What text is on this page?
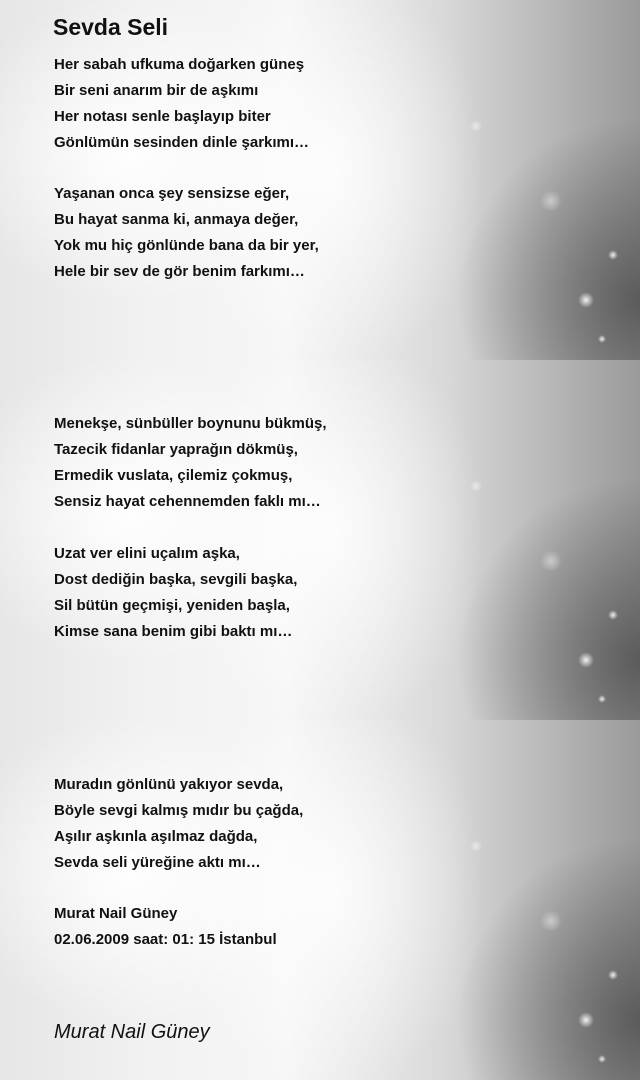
Sevda Seli
Her sabah ufkuma doğarken güneş
Bir seni anarım bir de aşkımı
Her notası senle başlayıp biter
Gönlümün sesinden dinle şarkımı…
Yaşanan onca şey sensizse eğer,
Bu hayat sanma ki, anmaya değer,
Yok mu hiç gönlünde bana da bir yer,
Hele bir sev de gör benim farkımı…
Menekşe, sünbüller boynunu bükmüş,
Tazecik fidanlar yaprağın dökmüş,
Ermedik vuslata, çilemiz çokmuş,
Sensiz hayat cehennemden faklı mı…
Uzat ver elini uçalım aşka,
Dost dediğin başka, sevgili başka,
Sil bütün geçmişi, yeniden başla,
Kimse sana benim gibi baktı mı…
Muradın gönlünü yakıyor sevda,
Böyle sevgi kalmış mıdır bu çağda,
Aşılır aşkınla aşılmaz dağda,
Sevda seli yüreğine aktı mı…
Murat Nail Güney
02.06.2009 saat: 01: 15 İstanbul
Murat Nail Güney
